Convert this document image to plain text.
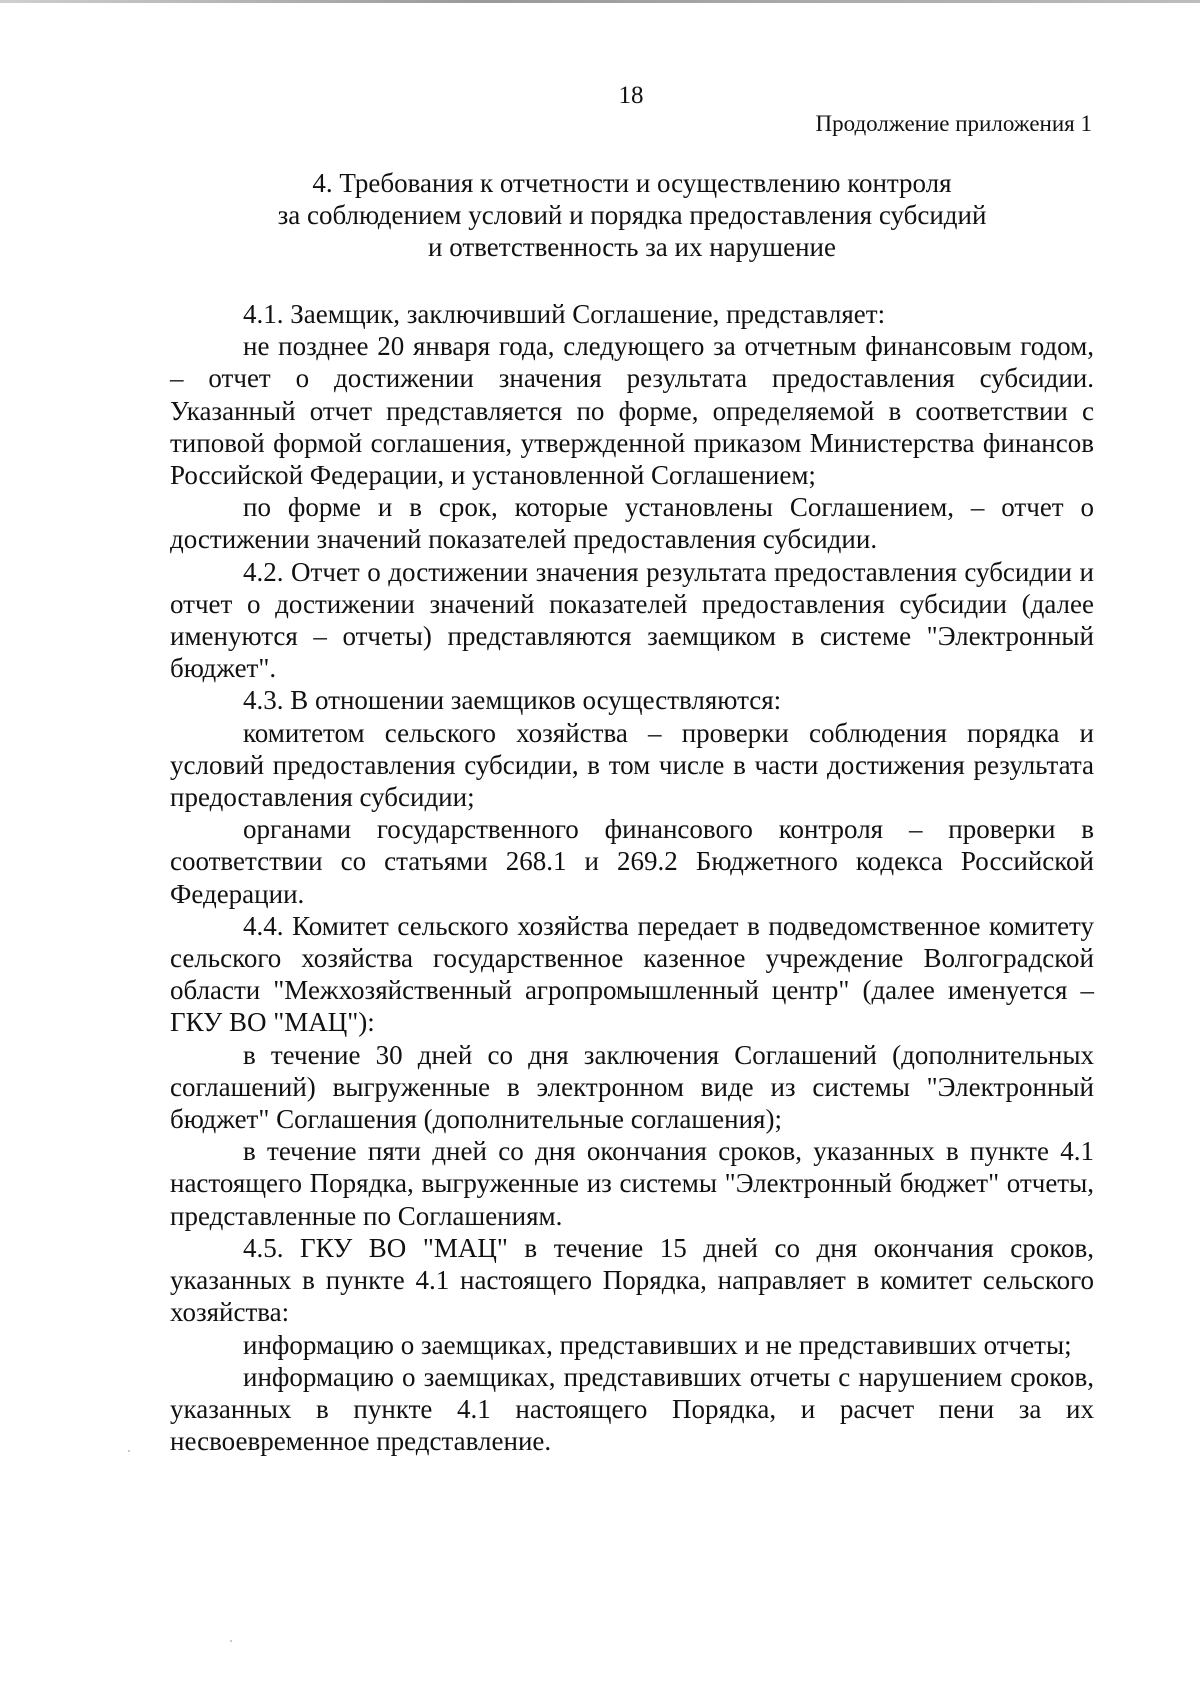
18
Продолжение приложения 1
4. Требования к отчетности и осуществлению контроля
за соблюдением условий и порядка предоставления субсидий
и ответственность за их нарушение

4.1. Заемщик, заключивший Соглашение, представляет:

не позднее 20 января года, следующего за отчетным финансовым годом, – отчет о достижении значения результата предоставления субсидии. Указанный отчет представляется по форме, определяемой в соответствии с типовой формой соглашения, утвержденной приказом Министерства финансов Российской Федерации, и установленной Соглашением;

по форме и в срок, которые установлены Соглашением, – отчет о достижении значений показателей предоставления субсидии.

4.2. Отчет о достижении значения результата предоставления субсидии и отчет о достижении значений показателей предоставления субсидии (далее именуются – отчеты) представляются заемщиком в системе "Электронный бюджет".

4.3. В отношении заемщиков осуществляются:

комитетом сельского хозяйства – проверки соблюдения порядка и условий предоставления субсидии, в том числе в части достижения результата предоставления субсидии;

органами государственного финансового контроля – проверки в соответствии со статьями 268.1 и 269.2 Бюджетного кодекса Российской Федерации.

4.4. Комитет сельского хозяйства передает в подведомственное комитету сельского хозяйства государственное казенное учреждение Волгоградской области "Межхозяйственный агропромышленный центр" (далее именуется – ГКУ ВО "МАЦ"):

в течение 30 дней со дня заключения Соглашений (дополнительных соглашений) выгруженные в электронном виде из системы "Электронный бюджет" Соглашения (дополнительные соглашения);

в течение пяти дней со дня окончания сроков, указанных в пункте 4.1 настоящего Порядка, выгруженные из системы "Электронный бюджет" отчеты, представленные по Соглашениям.

4.5. ГКУ ВО "МАЦ" в течение 15 дней со дня окончания сроков, указанных в пункте 4.1 настоящего Порядка, направляет в комитет сельского хозяйства:

информацию о заемщиках, представивших и не представивших отчеты;

информацию о заемщиках, представивших отчеты с нарушением сроков, указанных в пункте 4.1 настоящего Порядка, и расчет пени за их несвоевременное представление.
